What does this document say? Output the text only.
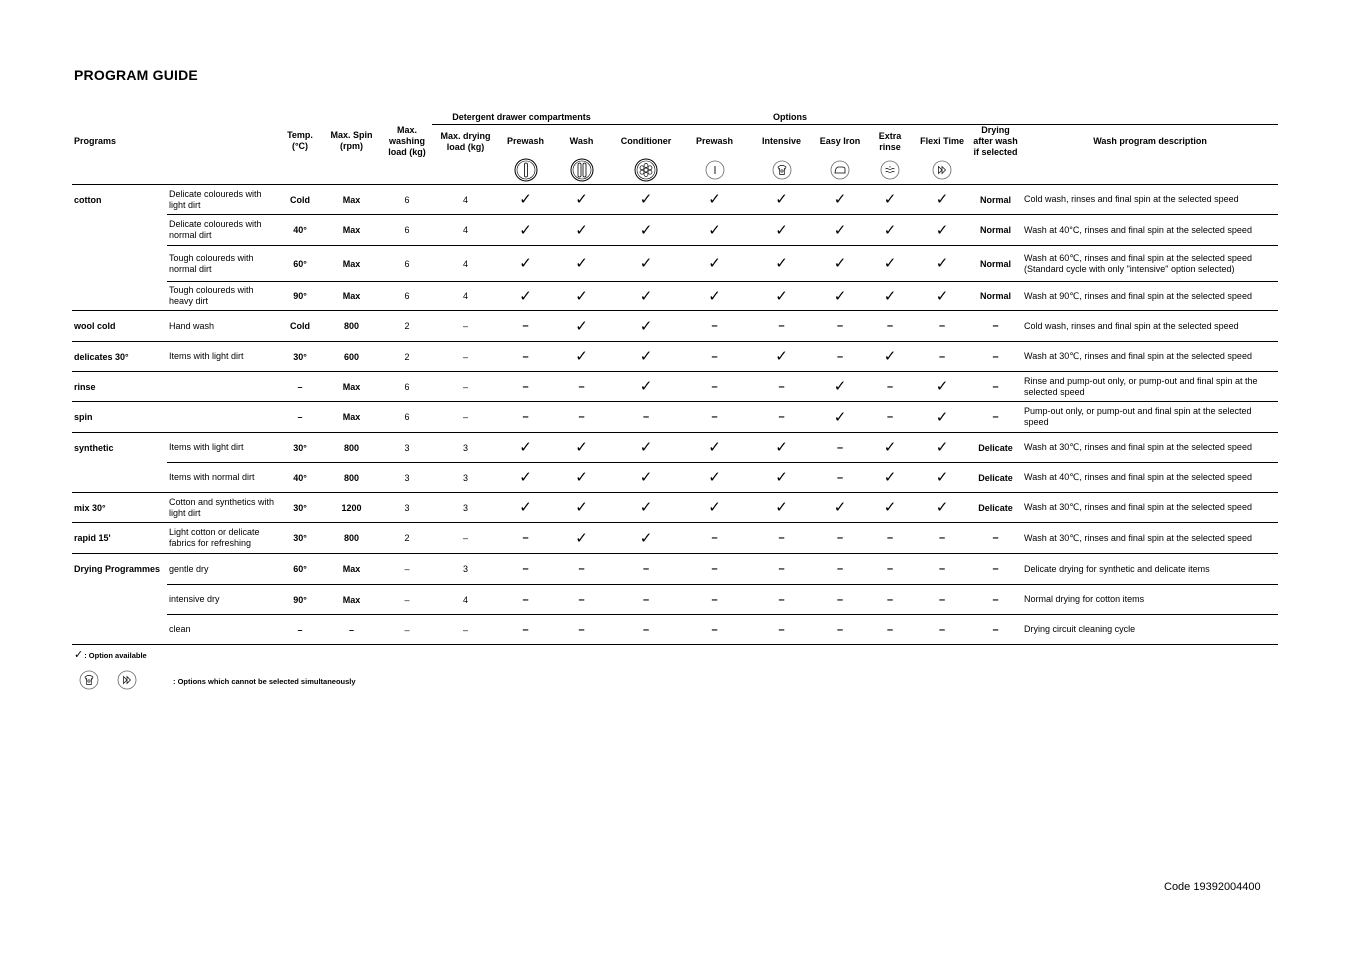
PROGRAM GUIDE
					Detergent drawer compartments			Options							
Programs		Temp. (°C)	Max. Spin (rpm)	Max. washing load (kg)	Max. drying load (kg)	Prewash	Wash	Conditioner	Prewash	Intensive	Easy Iron	Extra rinse	Flexi Time	Drying after wash if selected	Wash program description

cotton	Delicate coloureds with light dirt	Cold	Max	6	4	✓	✓	✓	✓	✓	✓	✓	✓	Normal	Cold wash, rinses and final spin at the selected speed
	Delicate coloureds with normal dirt	40°	Max	6	4	✓	✓	✓	✓	✓	✓	✓	✓	Normal	Wash at 40°C, rinses and final spin at the selected speed
	Tough coloureds with normal dirt	60°	Max	6	4	✓	✓	✓	✓	✓	✓	✓	✓	Normal	Wash at 60℃, rinses and final spin at the selected speed (Standard cycle with only "intensive" option selected)
	Tough coloureds with heavy dirt	90°	Max	6	4	✓	✓	✓	✓	✓	✓	✓	✓	Normal	Wash at 90℃, rinses and final spin at the selected speed
wool cold	Hand wash	Cold	800	2	–	–	✓	✓	–	–	–	–	–	–	Cold wash, rinses and final spin at the selected speed
delicates 30°	Items with light dirt	30°	600	2	–	–	✓	✓	–	✓	–	✓	–	–	Wash at 30℃, rinses and final spin at the selected speed
rinse		–	Max	6	–	–	–	✓	–	–	✓	–	✓	–	Rinse and pump-out only, or pump-out and final spin at the selected speed
spin		–	Max	6	–	–	–	–	–	–	✓	–	✓	–	Pump-out only, or pump-out and final spin at the selected speed
synthetic	Items with light dirt	30°	800	3	3	✓	✓	✓	✓	✓	–	✓	✓	Delicate	Wash at 30℃, rinses and final spin at the selected speed
	Items with normal dirt	40°	800	3	3	✓	✓	✓	✓	✓	–	✓	✓	Delicate	Wash at 40℃, rinses and final spin at the selected speed
mix 30°	Cotton and synthetics with light dirt	30°	1200	3	3	✓	✓	✓	✓	✓	✓	✓	✓	Delicate	Wash at 30℃, rinses and final spin at the selected speed
rapid 15'	Light cotton or delicate fabrics for refreshing	30°	800	2	–	–	✓	✓	–	–	–	–	–	–	Wash at 30℃, rinses and final spin at the selected speed
Drying Programmes	gentle dry	60°	Max	–	3	–	–	–	–	–	–	–	–	–	Delicate drying for synthetic and delicate items
	intensive dry	90°	Max	–	4	–	–	–	–	–	–	–	–	–	Normal drying for cotton items
	clean	–	–	–	–	–	–	–	–	–	–	–	–	–	Drying circuit cleaning cycle
✓ : Option available
: Options which cannot be selected simultaneously
Code 19392004400
